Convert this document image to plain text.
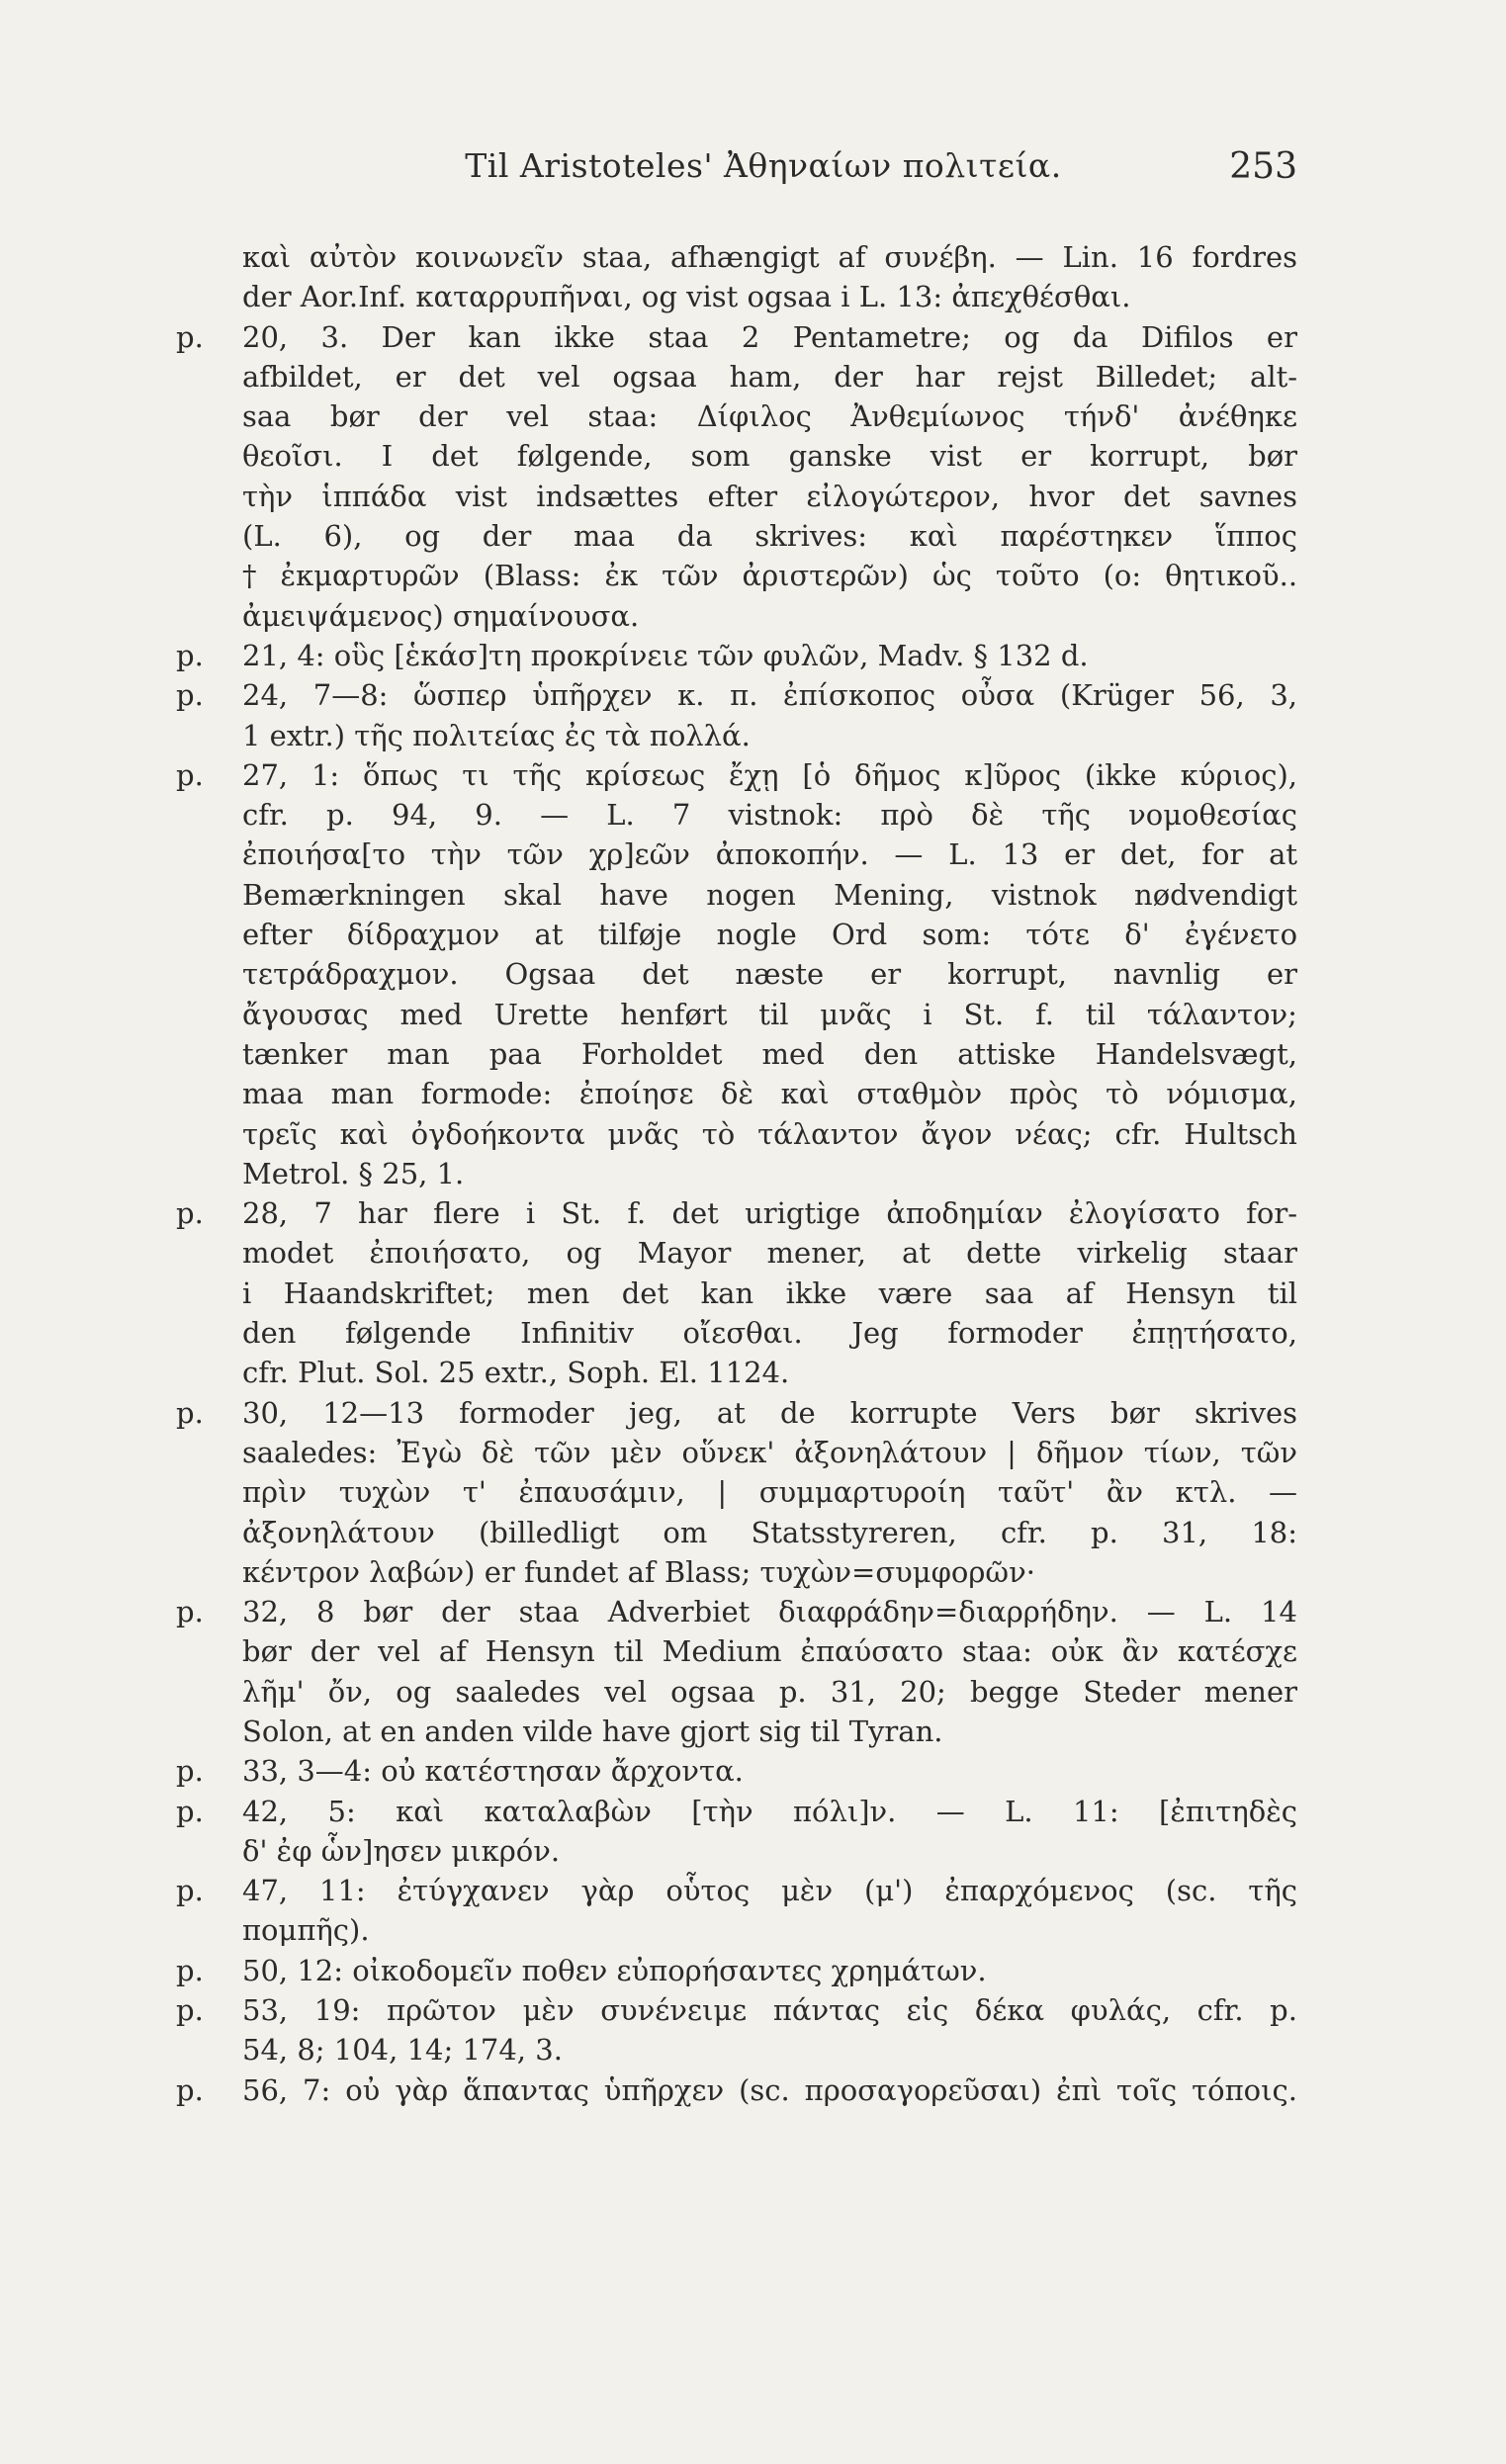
Til Aristoteles' Ἀθηναίων πολιτεία.	253
καὶ αὐτὸν κοινωνεῖν staa, afhængigt af συνέβη. — Lin. 16 fordres
der Aor.Inf. καταρρυπῆναι, og vist ogsaa i L. 13: ἀπεχθέσθαι.
p. 20, 3. Der kan ikke staa 2 Pentametre; og da Difilos er
afbildet, er det vel ogsaa ham, der har rejst Billedet; alt-
saa bør der vel staa: Δίφιλος Ἀνθεμίωνος τήνδ' ἀνέθηκε
θεοῖσι. I det følgende, som ganske vist er korrupt, bør
τὴν ἱππάδα vist indsættes efter εἰλογώτερον, hvor det savnes
(L. 6), og der maa da skrives: καὶ παρέστηκεν ἵππος
† ἐκμαρτυρῶν (Blass: ἐκ τῶν ἀριστερῶν) ὡς τοῦτο (ο: θητικοῦ..
ἀμειψάμενος) σημαίνουσα.
p. 21, 4: οὓς [ἑκάσ]τη προκρίνειε τῶν φυλῶν, Madv. § 132 d.
p. 24, 7—8: ὥσπερ ὑπῆρχεν κ. π. ἐπίσκοπος οὖσα (Krüger 56, 3,
1 extr.) τῆς πολιτείας ἐς τὰ πολλά.
p. 27, 1: ὅπως τι τῆς κρίσεως ἔχῃ [ὁ δῆμος κ]ῦρος (ikke κύριος),
cfr. p. 94, 9. — L. 7 vistnok: πρὸ δὲ τῆς νομοθεσίας
ἐποιήσα[το τὴν τῶν χρ]εῶν ἀποκοπήν. — L. 13 er det, for at
Bemærkningen skal have nogen Mening, vistnok nødvendigt
efter δίδραχμον at tilføje nogle Ord som: τότε δ' ἐγένετο
τετράδραχμον. Ogsaa det næste er korrupt, navnlig er
ἄγουσας med Urette henført til μνᾶς i St. f. til τάλαντον;
tænker man paa Forholdet med den attiske Handelsvægt,
maa man formode: ἐποίησε δὲ καὶ σταθμὸν πρὸς τὸ νόμισμα,
τρεῖς καὶ ὀγδοήκοντα μνᾶς τὸ τάλαντον ἄγον νέας; cfr. Hultsch
Metrol. § 25, 1.
p. 28, 7 har flere i St. f. det urigtige ἀποδημίαν ἐλογίσατο for-
modet ἐποιήσατο, og Mayor mener, at dette virkelig staar
i Haandskriftet; men det kan ikke være saa af Hensyn til
den følgende Infinitiv οἴεσθαι. Jeg formoder ἐπῃτήσατο,
cfr. Plut. Sol. 25 extr., Soph. El. 1124.
p. 30, 12—13 formoder jeg, at de korrupte Vers bør skrives
saaledes: Ἐγὼ δὲ τῶν μὲν οὕνεκ' ἀξονηλάτουν | δῆμον τίων, τῶν
πρὶν τυχὼν τ' ἐπαυσάμιν, | συμμαρτυροίη ταῦτ' ἂν κτλ. —
ἀξονηλάτουν (billedligt om Statsstyreren, cfr. p. 31, 18:
κέντρον λαβών) er fundet af Blass; τυχὼν=συμφορῶν·
p. 32, 8 bør der staa Adverbiet διαφράδην=διαρρήδην. — L. 14
bør der vel af Hensyn til Medium ἐπαύσατο staa: οὐκ ἂν κατέσχε
λῆμ' ὄν, og saaledes vel ogsaa p. 31, 20; begge Steder mener
Solon, at en anden vilde have gjort sig til Tyran.
p. 33, 3—4: οὐ κατέστησαν ἄρχοντα.
p. 42, 5: καὶ καταλαβὼν [τὴν πόλι]ν. — L. 11: [ἐπιτηδὲς
δ' ἐφ ὧν]ησεν μικρόν.
p. 47, 11: ἐτύγχανεν γὰρ οὗτος μὲν (μ') ἐπαρχόμενος (sc. τῆς
πομπῆς).
p. 50, 12: οἰκοδομεῖν ποθεν εὐπορήσαντες χρημάτων.
p. 53, 19: πρῶτον μὲν συνένειμε πάντας εἰς δέκα φυλάς, cfr. p.
54, 8; 104, 14; 174, 3.
p. 56, 7: οὐ γὰρ ἅπαντας ὑπῆρχεν (sc. προσαγορεῦσαι) ἐπὶ τοῖς τόποις.
